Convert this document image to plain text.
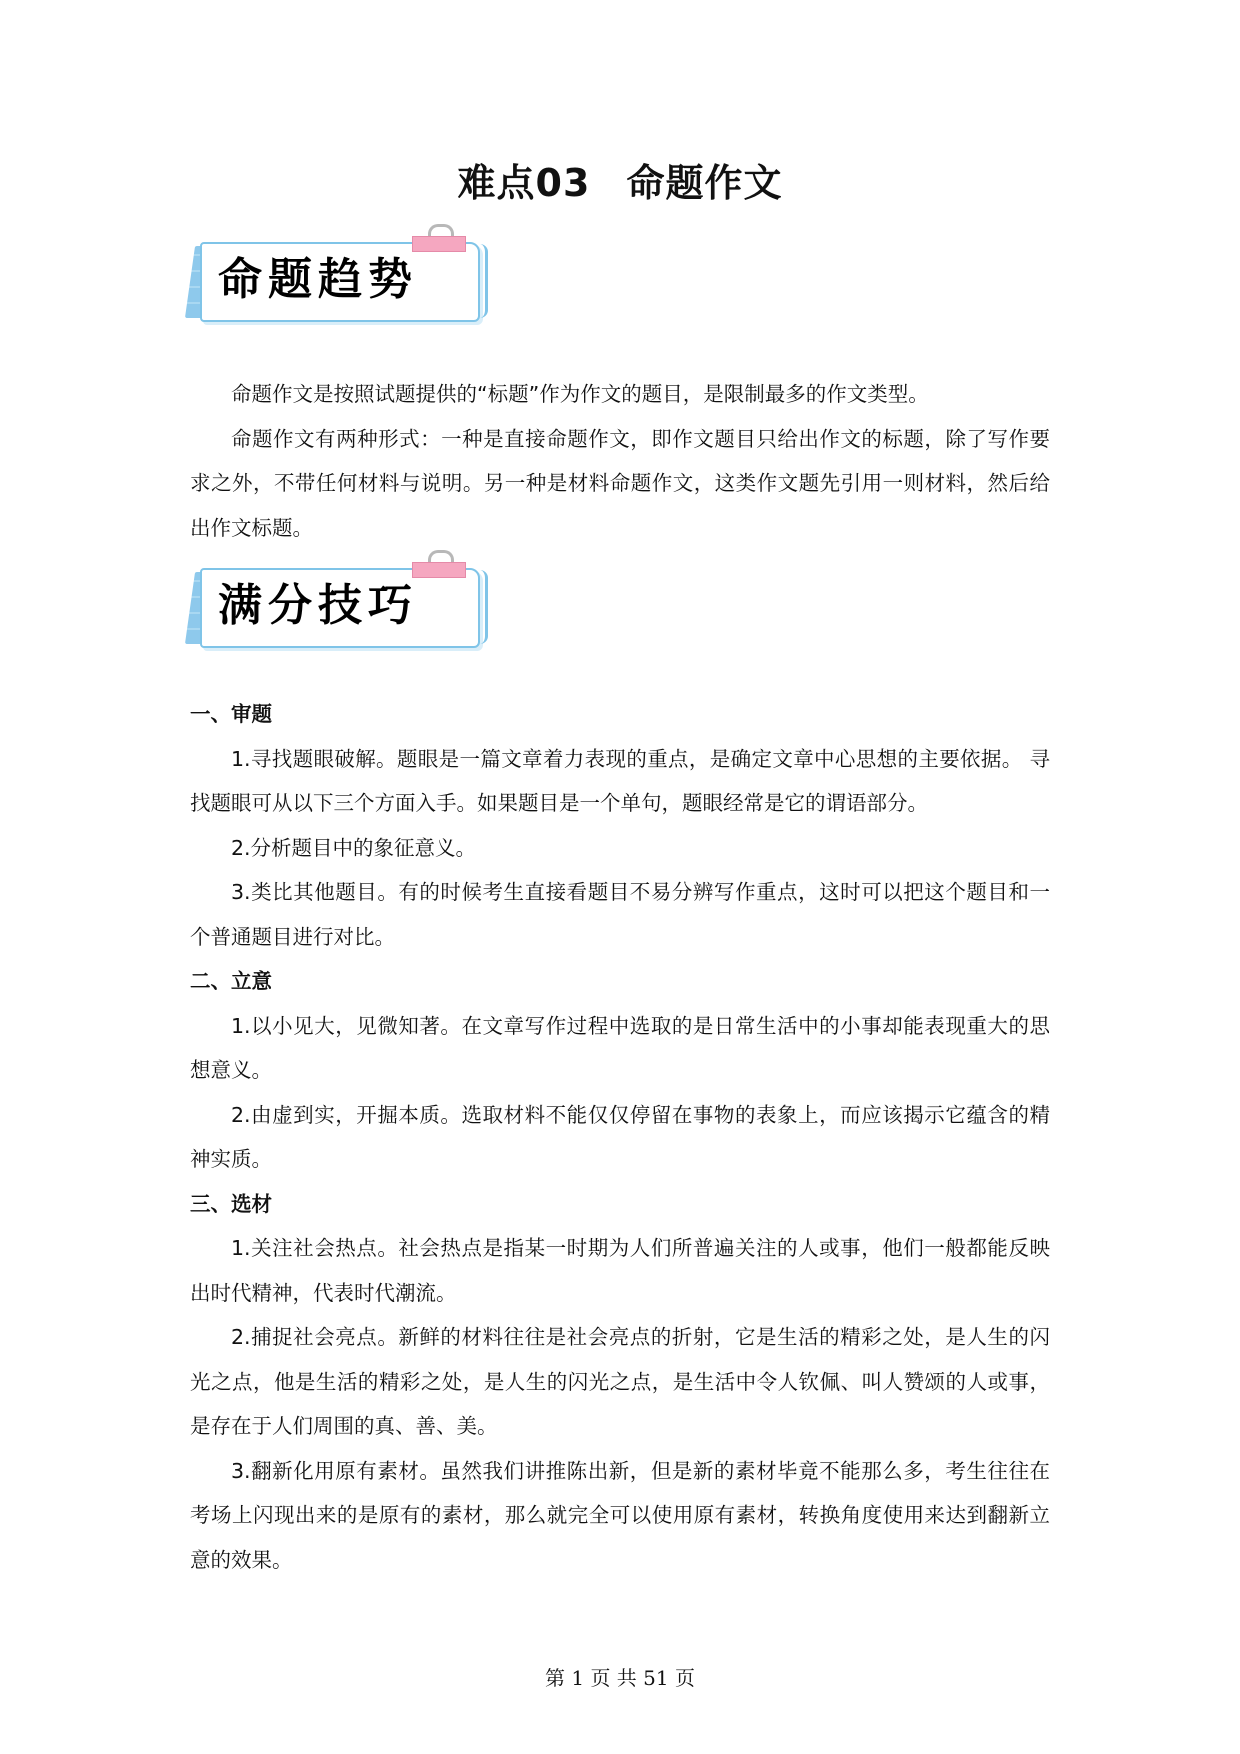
难点03 命题作文
命题趋势

命题作文是按照试题提供的“标题”作为作文的题目，是限制最多的作文类型。

命题作文有两种形式：一种是直接命题作文，即作文题目只给出作文的标题，除了写作要求之外，不带任何材料与说明。另一种是材料命题作文，这类作文题先引用一则材料，然后给出作文标题。

满分技巧

一、审题

1.寻找题眼破解。题眼是一篇文章着力表现的重点，是确定文章中心思想的主要依据。 寻找题眼可从以下三个方面入手。如果题目是一个单句，题眼经常是它的谓语部分。

2.分析题目中的象征意义。

3.类比其他题目。有的时候考生直接看题目不易分辨写作重点，这时可以把这个题目和一个普通题目进行对比。

二、立意

1.以小见大，见微知著。在文章写作过程中选取的是日常生活中的小事却能表现重大的思想意义。

2.由虚到实，开掘本质。选取材料不能仅仅停留在事物的表象上，而应该揭示它蕴含的精神实质。

三、选材

1.关注社会热点。社会热点是指某一时期为人们所普遍关注的人或事，他们一般都能反映出时代精神，代表时代潮流。

2.捕捉社会亮点。新鲜的材料往往是社会亮点的折射，它是生活的精彩之处，是人生的闪光之点，他是生活的精彩之处，是人生的闪光之点，是生活中令人钦佩、叫人赞颂的人或事，是存在于人们周围的真、善、美。

3.翻新化用原有素材。虽然我们讲推陈出新，但是新的素材毕竟不能那么多，考生往往在考场上闪现出来的是原有的素材，那么就完全可以使用原有素材，转换角度使用来达到翻新立意的效果。

第 1 页 共 51 页
